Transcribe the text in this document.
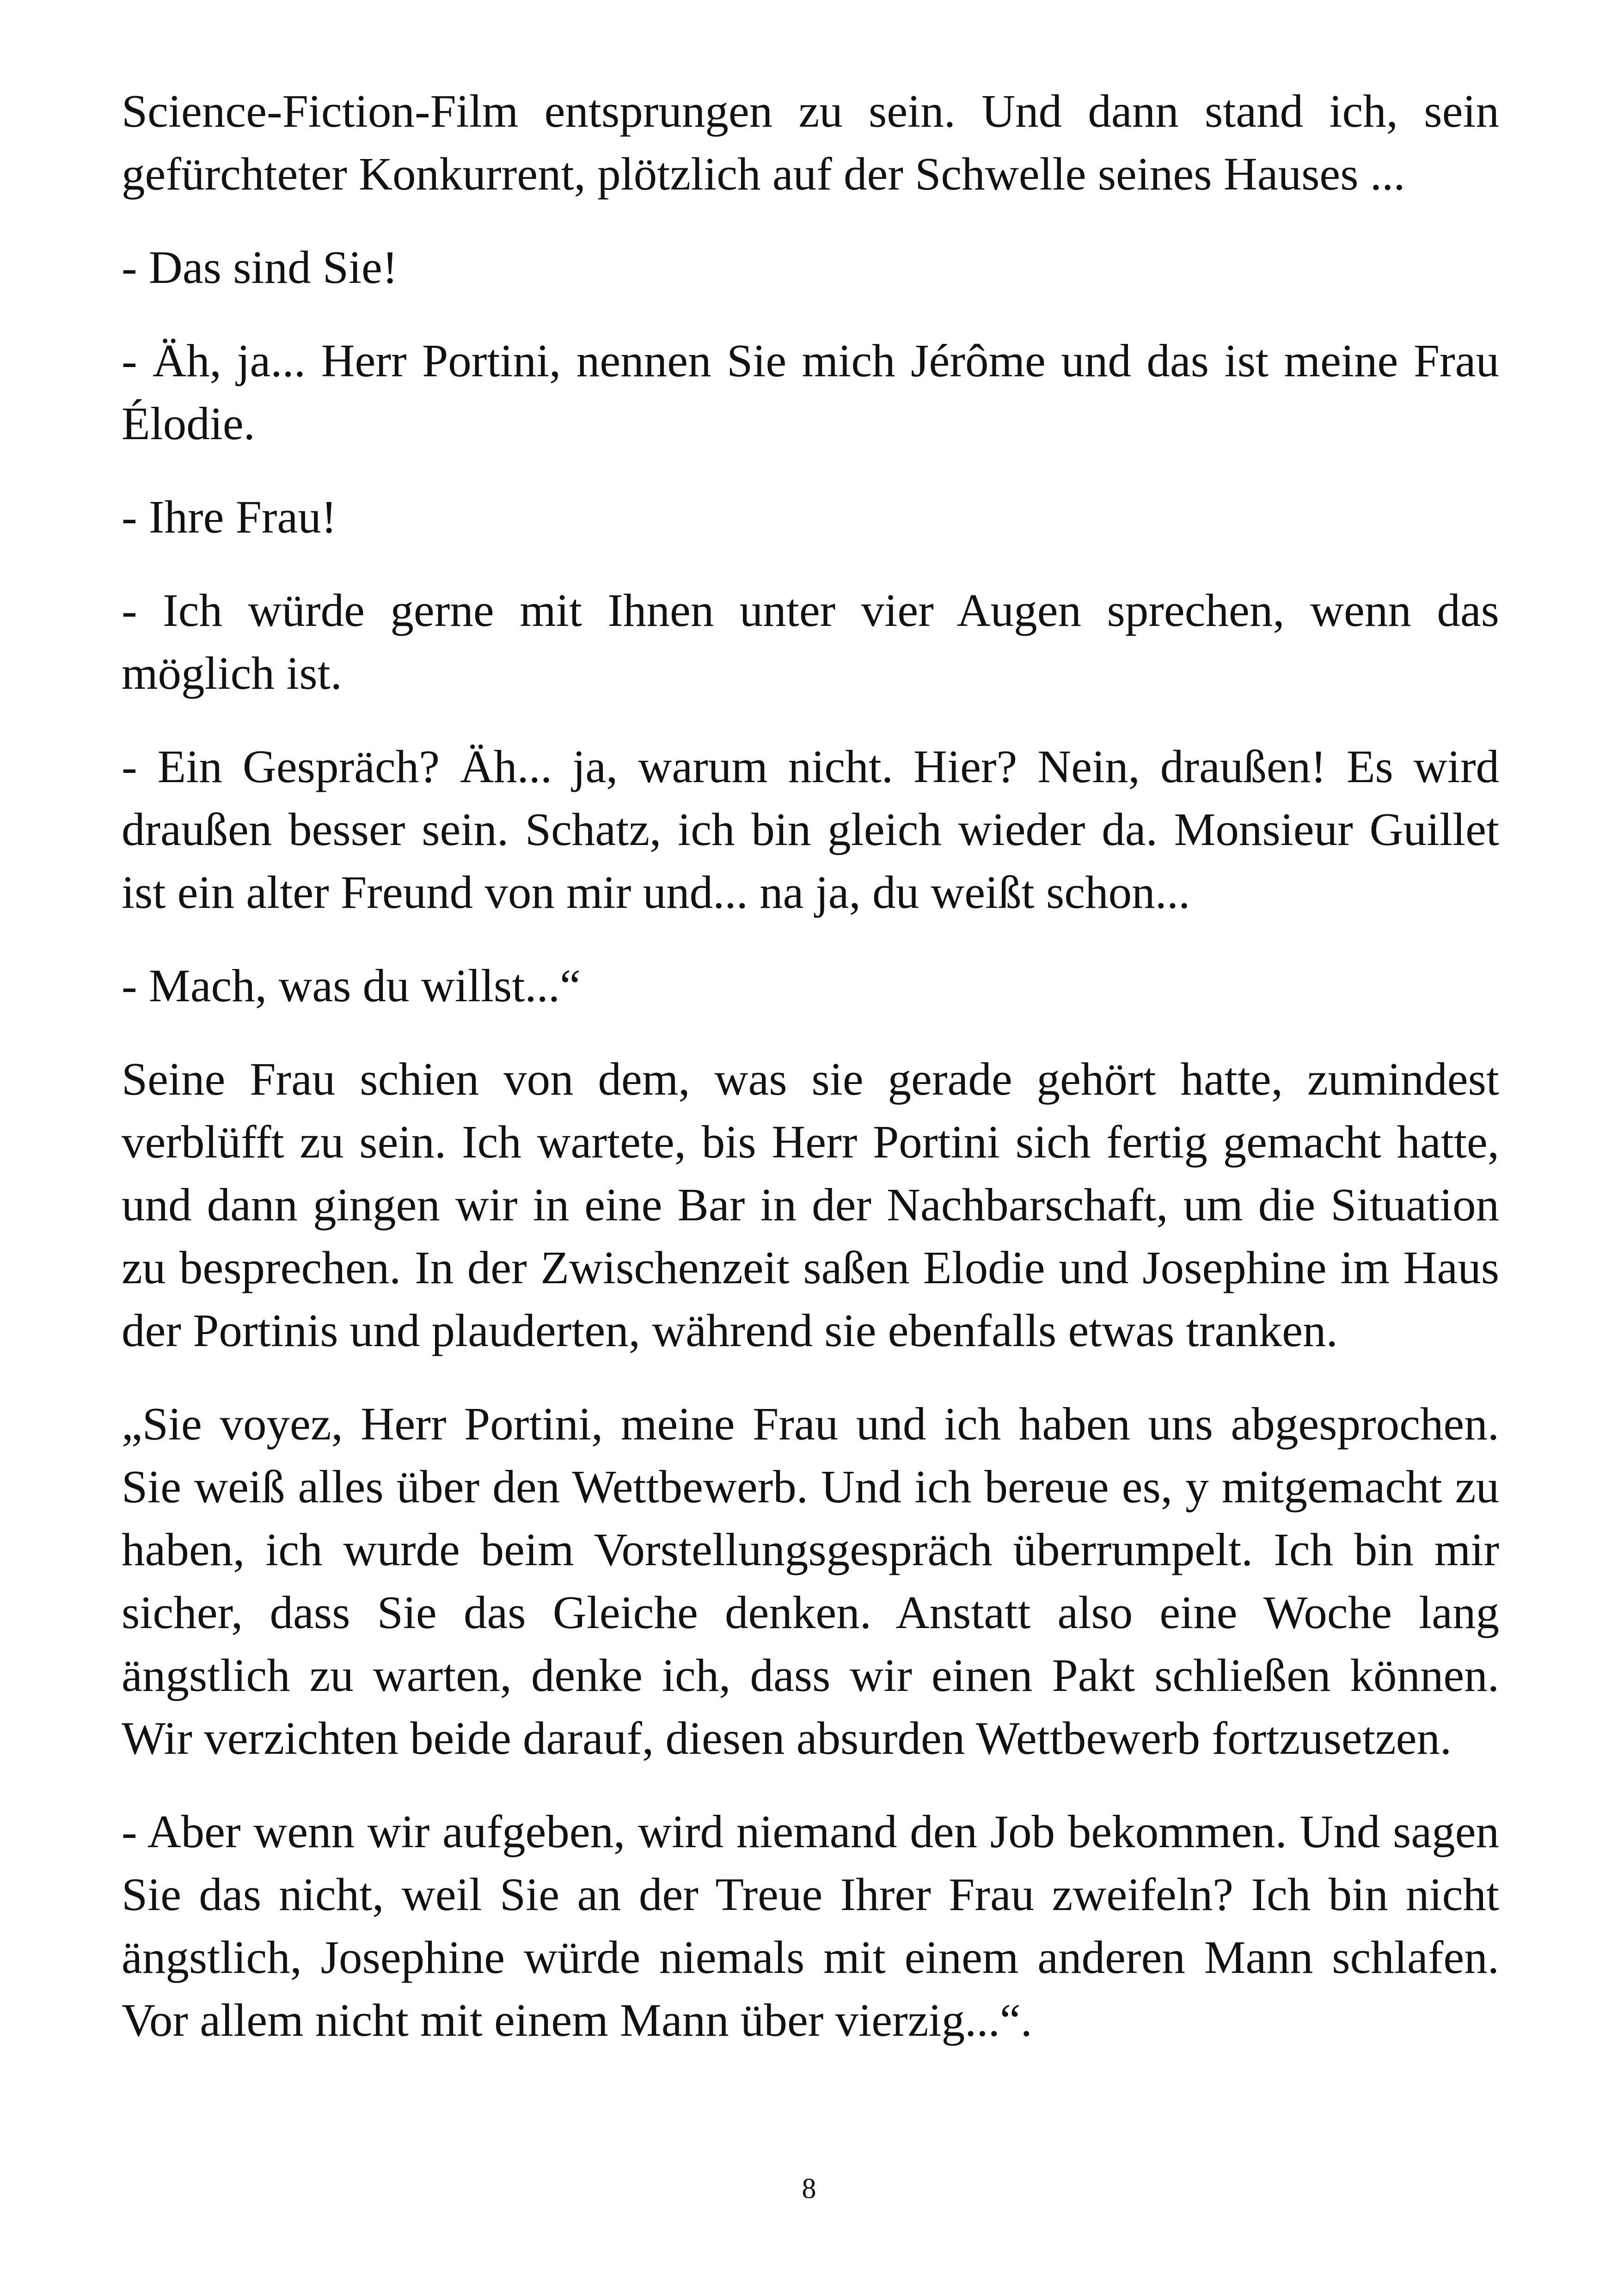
Science-Fiction-Film entsprungen zu sein. Und dann stand ich, sein gefürchteter Konkurrent, plötzlich auf der Schwelle seines Hauses ...

- Das sind Sie!

- Äh, ja... Herr Portini, nennen Sie mich Jérôme und das ist meine Frau Élodie.

- Ihre Frau!

- Ich würde gerne mit Ihnen unter vier Augen sprechen, wenn das möglich ist.

- Ein Gespräch? Äh... ja, warum nicht. Hier? Nein, draußen! Es wird draußen besser sein. Schatz, ich bin gleich wieder da. Monsieur Guillet ist ein alter Freund von mir und... na ja, du weißt schon...

- Mach, was du willst...“

Seine Frau schien von dem, was sie gerade gehört hatte, zumindest verblüfft zu sein. Ich wartete, bis Herr Portini sich fertig gemacht hatte, und dann gingen wir in eine Bar in der Nachbarschaft, um die Situation zu besprechen. In der Zwischenzeit saßen Elodie und Josephine im Haus der Portinis und plauderten, während sie ebenfalls etwas tranken.

„Sie voyez, Herr Portini, meine Frau und ich haben uns abgesprochen. Sie weiß alles über den Wettbewerb. Und ich bereue es, y mitgemacht zu haben, ich wurde beim Vorstellungsgespräch überrumpelt. Ich bin mir sicher, dass Sie das Gleiche denken. Anstatt also eine Woche lang ängstlich zu warten, denke ich, dass wir einen Pakt schließen können. Wir verzichten beide darauf, diesen absurden Wettbewerb fortzusetzen.

- Aber wenn wir aufgeben, wird niemand den Job bekommen. Und sagen Sie das nicht, weil Sie an der Treue Ihrer Frau zweifeln? Ich bin nicht ängstlich, Josephine würde niemals mit einem anderen Mann schlafen. Vor allem nicht mit einem Mann über vierzig...“.

8
